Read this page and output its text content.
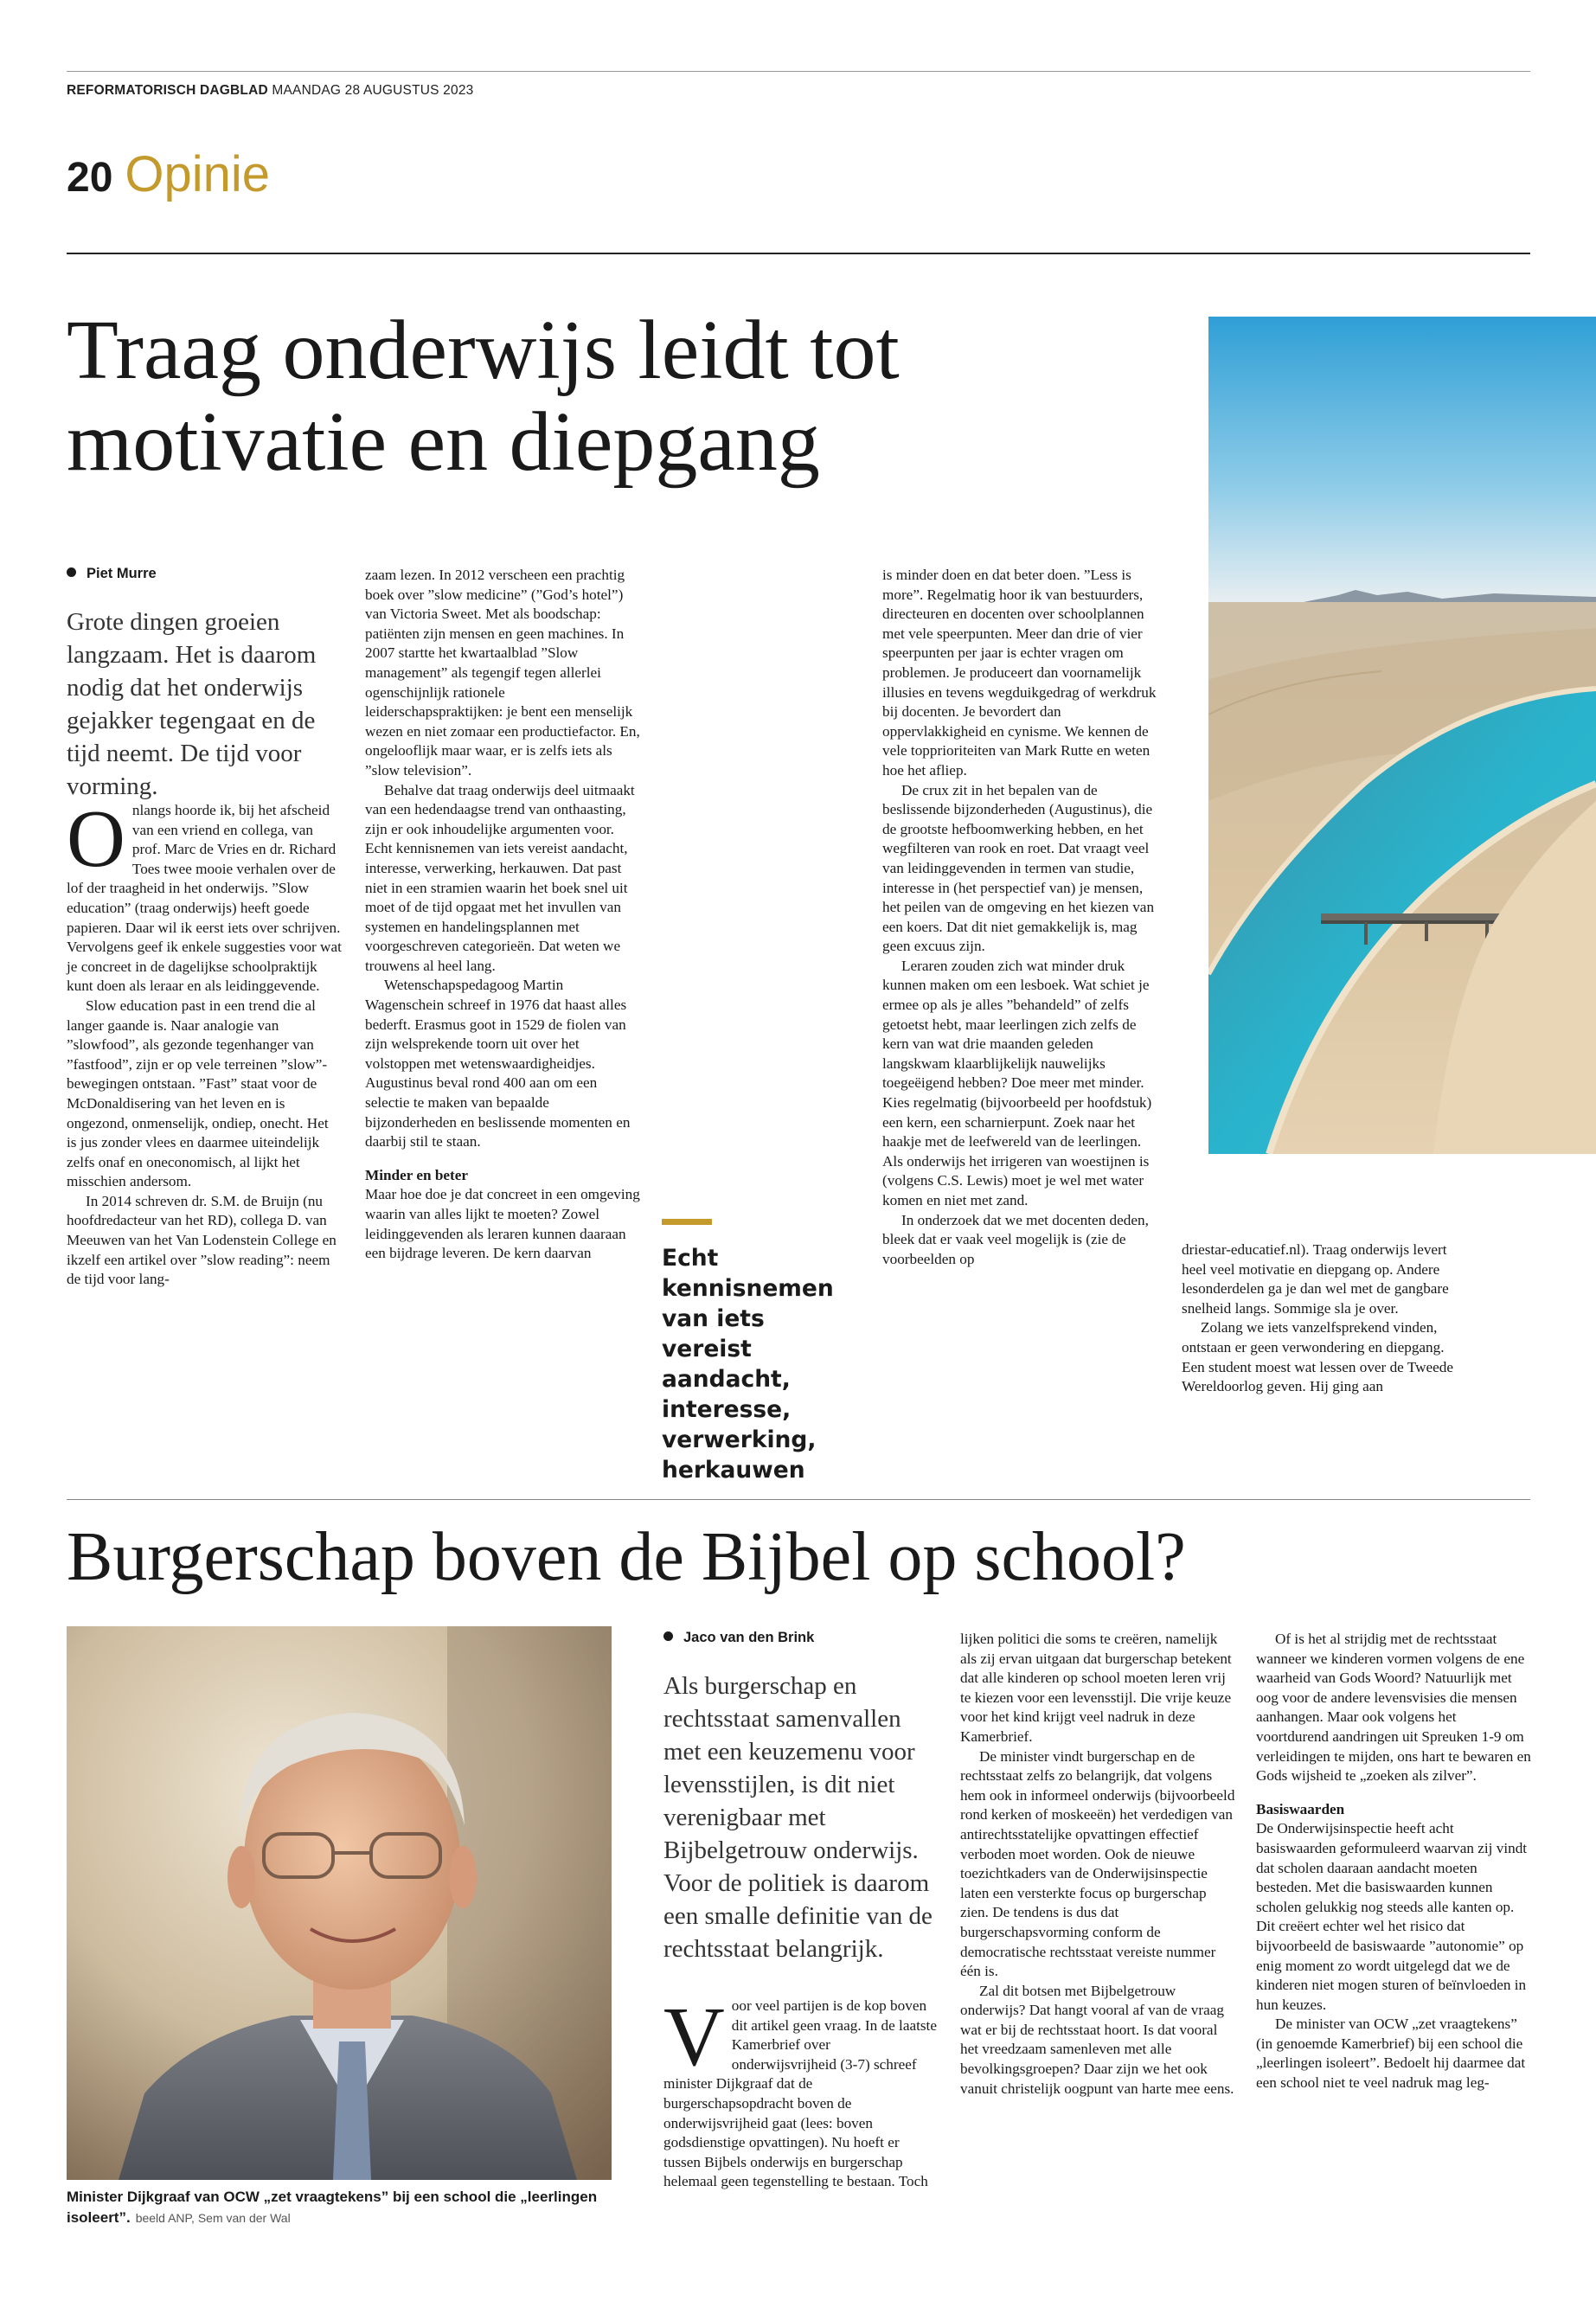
REFORMATORISCH DAGBLAD MAANDAG 28 AUGUSTUS 2023
20 Opinie
Traag onderwijs leidt tot
motivatie en diepgang
Piet Murre
Grote dingen groeien langzaam. Het is daarom nodig dat het onderwijs gejakker tegengaat en de tijd neemt. De tijd voor vorming.

Onlangs hoorde ik, bij het afscheid van een vriend en collega, van prof. Marc de Vries en dr. Richard Toes twee mooie verhalen over de lof der traagheid in het onderwijs. ”Slow education” (traag onderwijs) heeft goede papieren. Daar wil ik eerst iets over schrijven. Vervolgens geef ik enkele suggesties voor wat je concreet in de dagelijkse schoolpraktijk kunt doen als leraar en als leidinggevende.

Slow education past in een trend die al langer gaande is. Naar analogie van ”slowfood”, als gezonde tegenhanger van ”fastfood”, zijn er op vele terreinen ”slow”-bewegingen ontstaan. ”Fast” staat voor de McDonaldisering van het leven en is ongezond, onmenselijk, ondiep, onecht. Het is jus zonder vlees en daarmee uiteindelijk zelfs onaf en oneconomisch, al lijkt het misschien andersom.

In 2014 schreven dr. S.M. de Bruijn (nu hoofdredacteur van het RD), collega D. van Meeuwen van het Van Lodenstein College en ikzelf een artikel over ”slow reading”: neem de tijd voor lang-

zaam lezen. In 2012 verscheen een prachtig boek over ”slow medicine” (”God’s hotel”) van Victoria Sweet. Met als boodschap: patiënten zijn mensen en geen machines. In 2007 startte het kwartaalblad ”Slow management” als tegengif tegen allerlei ogenschijnlijk rationele leiderschapspraktijken: je bent een menselijk wezen en niet zomaar een productiefactor. En, ongelooflijk maar waar, er is zelfs iets als ”slow television”.

Behalve dat traag onderwijs deel uitmaakt van een hedendaagse trend van onthaasting, zijn er ook inhoudelijke argumenten voor. Echt kennisnemen van iets vereist aandacht, interesse, verwerking, herkauwen. Dat past niet in een stramien waarin het boek snel uit moet of de tijd opgaat met het invullen van systemen en handelingsplannen met voorgeschreven categorieën. Dat weten we trouwens al heel lang.

Wetenschapspedagoog Martin Wagenschein schreef in 1976 dat haast alles bederft. Erasmus goot in 1529 de fiolen van zijn welsprekende toorn uit over het volstoppen met wetenswaardigheidjes. Augustinus beval rond 400 aan om een selectie te maken van bepaalde bijzonderheden en beslissende momenten en daarbij stil te staan.

Minder en beter

Maar hoe doe je dat concreet in een omgeving waarin van alles lijkt te moeten? Zowel leidinggevenden als leraren kunnen daaraan een bijdrage leveren. De kern daarvan	Echt kennisnemen van iets vereist aandacht, interesse, verwerking, herkauwen

is minder doen en dat beter doen. ”Less is more”. Regelmatig hoor ik van bestuurders, directeuren en docenten over schoolplannen met vele speerpunten. Meer dan drie of vier speerpunten per jaar is echter vragen om problemen. Je produceert dan voornamelijk illusies en tevens wegduikgedrag of werkdruk bij docenten. Je bevordert dan oppervlakkigheid en cynisme. We kennen de vele topprioriteiten van Mark Rutte en weten hoe het afliep.

De crux zit in het bepalen van de beslissende bijzonderheden (Augustinus), die de grootste hefboomwerking hebben, en het wegfilteren van rook en roet. Dat vraagt veel van leidinggevenden in termen van studie, interesse in (het perspectief van) je mensen, het peilen van de omgeving en het kiezen van een koers. Dat dit niet gemakkelijk is, mag geen excuus zijn.

Leraren zouden zich wat minder druk kunnen maken om een lesboek. Wat schiet je ermee op als je alles ”behandeld” of zelfs getoetst hebt, maar leerlingen zich zelfs de kern van wat drie maanden geleden langskwam klaarblijkelijk nauwelijks toegeëigend hebben? Doe meer met minder. Kies regelmatig (bijvoorbeeld per hoofdstuk) een kern, een scharnierpunt. Zoek naar het haakje met de leefwereld van de leerlingen. Als onderwijs het irrigeren van woestijnen is (volgens C.S. Lewis) moet je wel met water komen en niet met zand.

In onderzoek dat we met docenten deden, bleek dat er vaak veel mogelijk is (zie de voorbeelden op

driestar-educatief.nl). Traag onderwijs levert heel veel motivatie en diepgang op. Andere lesonderdelen ga je dan wel met de gangbare snelheid langs. Sommige sla je over.

Zolang we iets vanzelfsprekend vinden, ontstaan er geen verwondering en diepgang. Een student moest wat lessen over de Tweede Wereldoorlog geven. Hij ging aan

Burgerschap boven de Bijbel op school?
Minister Dijkgraaf van OCW „zet vraagtekens” bij een school die „leerlingen isoleert”. beeld ANP, Sem van der Wal
Jaco van den Brink
Als burgerschap en rechtsstaat samenvallen met een keuzemenu voor levensstijlen, is dit niet verenigbaar met Bijbelgetrouw onderwijs. Voor de politiek is daarom een smalle definitie van de rechtsstaat belangrijk.

Voor veel partijen is de kop boven dit artikel geen vraag. In de laatste Kamerbrief over onderwijsvrijheid (3-7) schreef minister Dijkgraaf dat de burgerschapsopdracht boven de onderwijsvrijheid gaat (lees: boven godsdienstige opvattingen). Nu hoeft er tussen Bijbels onderwijs en burgerschap helemaal geen tegenstelling te bestaan. Toch

lijken politici die soms te creëren, namelijk als zij ervan uitgaan dat burgerschap betekent dat alle kinderen op school moeten leren vrij te kiezen voor een levensstijl. Die vrije keuze voor het kind krijgt veel nadruk in deze Kamerbrief.

De minister vindt burgerschap en de rechtsstaat zelfs zo belangrijk, dat volgens hem ook in informeel onderwijs (bijvoorbeeld rond kerken of moskeeën) het verdedigen van antirechtsstatelijke opvattingen effectief verboden moet worden. Ook de nieuwe toezichtkaders van de Onderwijsinspectie laten een versterkte focus op burgerschap zien. De tendens is dus dat burgerschapsvorming conform de democratische rechtsstaat vereiste nummer één is.

Zal dit botsen met Bijbelgetrouw onderwijs? Dat hangt vooral af van de vraag wat er bij de rechtsstaat hoort. Is dat vooral het vreedzaam samenleven met alle bevolkingsgroepen? Daar zijn we het ook vanuit christelijk oogpunt van harte mee eens.

Of is het al strijdig met de rechtsstaat wanneer we kinderen vormen volgens de ene waarheid van Gods Woord? Natuurlijk met oog voor de andere levensvisies die mensen aanhangen. Maar ook volgens het voortdurend aandringen uit Spreuken 1-9 om verleidingen te mijden, ons hart te bewaren en Gods wijsheid te „zoeken als zilver”.

Basiswaarden

De Onderwijsinspectie heeft acht basiswaarden geformuleerd waarvan zij vindt dat scholen daaraan aandacht moeten besteden. Met die basiswaarden kunnen scholen gelukkig nog steeds alle kanten op. Dit creëert echter wel het risico dat bijvoorbeeld de basiswaarde ”autonomie” op enig moment zo wordt uitgelegd dat we de kinderen niet mogen sturen of beïnvloeden in hun keuzes.

De minister van OCW „zet vraagtekens” (in genoemde Kamerbrief) bij een school die „leerlingen isoleert”. Bedoelt hij daarmee dat een school niet te veel nadruk mag leg-
